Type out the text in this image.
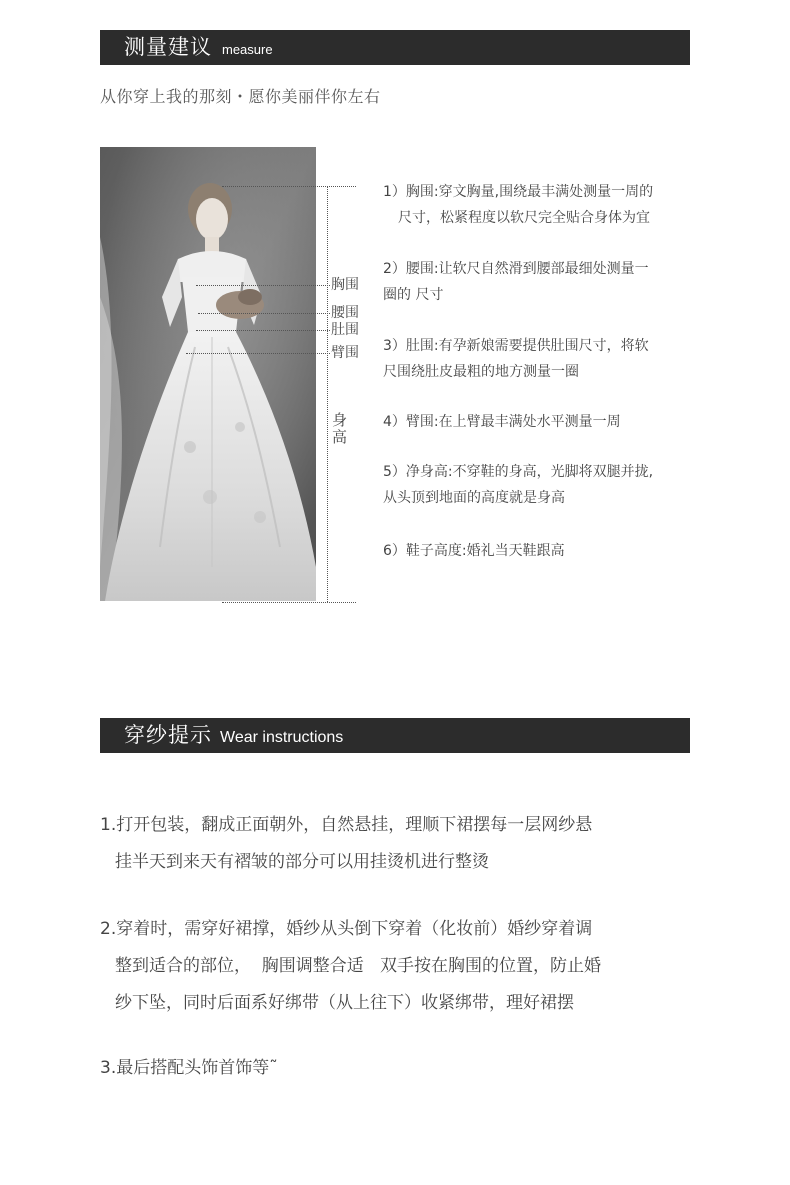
测量建议 measure
从你穿上我的那刻・愿你美丽伴你左右
胸围
腰围
肚围
臂围
身
高
1）胸围:穿文胸量,围绕最丰满处测量一周的
尺寸，松紧程度以软尺完全贴合身体为宜
2）腰围:让软尺自然滑到腰部最细处测量一
圈的 尺寸
3）肚围:有孕新娘需要提供肚围尺寸，将软
尺围绕肚皮最粗的地方测量一圈
4）臂围:在上臂最丰满处水平测量一周
5）净身高:不穿鞋的身高，光脚将双腿并拢,
从头顶到地面的高度就是身高
6）鞋子高度:婚礼当天鞋跟高
穿纱提示 Wear instructions
1.打开包装，翻成正面朝外，自然悬挂，理顺下裙摆每一层网纱悬
挂半天到来天有褶皱的部分可以用挂烫机进行整烫
2.穿着时，需穿好裙撑，婚纱从头倒下穿着（化妆前）婚纱穿着调
整到适合的部位，  胸围调整合适   双手按在胸围的位置，防止婚
纱下坠，同时后面系好绑带（从上往下）收紧绑带，理好裙摆
3.最后搭配头饰首饰等˜
